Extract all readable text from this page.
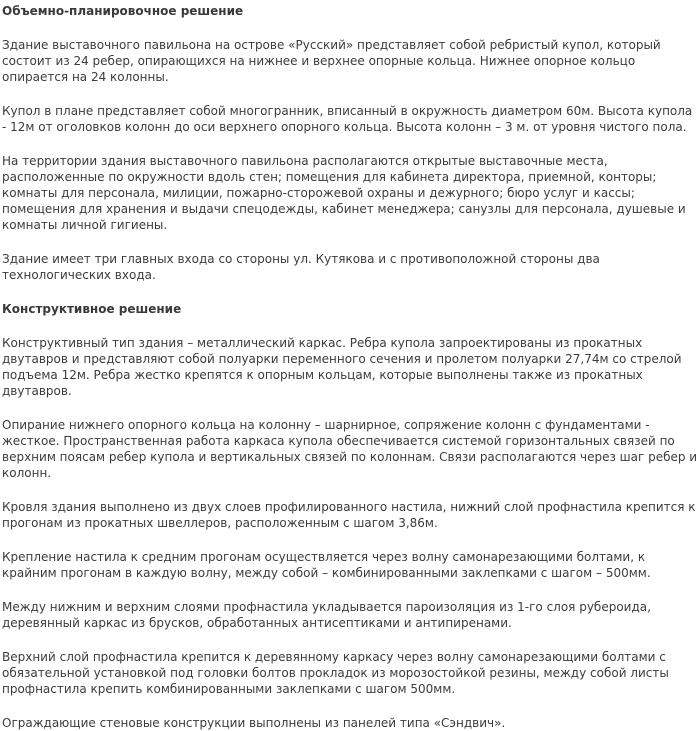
Объемно-планировочное решение

Здание выставочного павильона на острове «Русский» представляет собой ребристый купол, который состоит из 24 ребер, опирающихся на нижнее и верхнее опорные кольца. Нижнее опорное кольцо опирается на 24 колонны.

Купол в плане представляет собой многогранник, вписанный в окружность диаметром 60м. Высота купола - 12м от оголовков колонн до оси верхнего опорного кольца. Высота колонн – 3 м. от уровня чистого пола.

На территории здания выставочного павильона располагаются открытые выставочные места, расположенные по окружности вдоль стен; помещения для кабинета директора, приемной, конторы; комнаты для персонала, милиции, пожарно-сторожевой охраны и дежурного; бюро услуг и кассы; помещения для хранения и выдачи спецодежды, кабинет менеджера; санузлы для персонала, душевые и комнаты личной гигиены.

Здание имеет три главных входа со стороны ул. Кутякова и с противоположной стороны два технологических входа.

Конструктивное решение

Конструктивный тип здания – металлический каркас. Ребра купола запроектированы из прокатных двутавров и представляют собой полуарки переменного сечения и пролетом полуарки 27,74м со стрелой подъема 12м. Ребра жестко крепятся к опорным кольцам, которые выполнены также из прокатных двутавров.

Опирание нижнего опорного кольца на колонну – шарнирное, сопряжение колонн с фундаментами - жесткое. Пространственная работа каркаса купола обеспечивается системой горизонтальных связей по верхним поясам ребер купола и вертикальных связей по колоннам. Связи располагаются через шаг ребер и колонн.

Кровля здания выполнено из двух слоев профилированного настила, нижний слой профнастила крепится к прогонам из прокатных швеллеров, расположенным с шагом 3,86м.

Крепление настила к средним прогонам осуществляется через волну самонарезающими болтами, к крайним прогонам в каждую волну, между собой – комбинированными заклепками с шагом – 500мм.

Между нижним и верхним слоями профнастила укладывается пароизоляция из 1-го слоя рубероида, деревянный каркас из брусков, обработанных антисептиками и антипиренами.

Верхний слой профнастила крепится к деревянному каркасу через волну самонарезающими болтами с обязательной установкой под головки болтов прокладок из морозостойкой резины, между собой листы профнастила крепить комбинированными заклепками с шагом 500мм.

Ограждающие стеновые конструкции выполнены из панелей типа «Сэндвич».
